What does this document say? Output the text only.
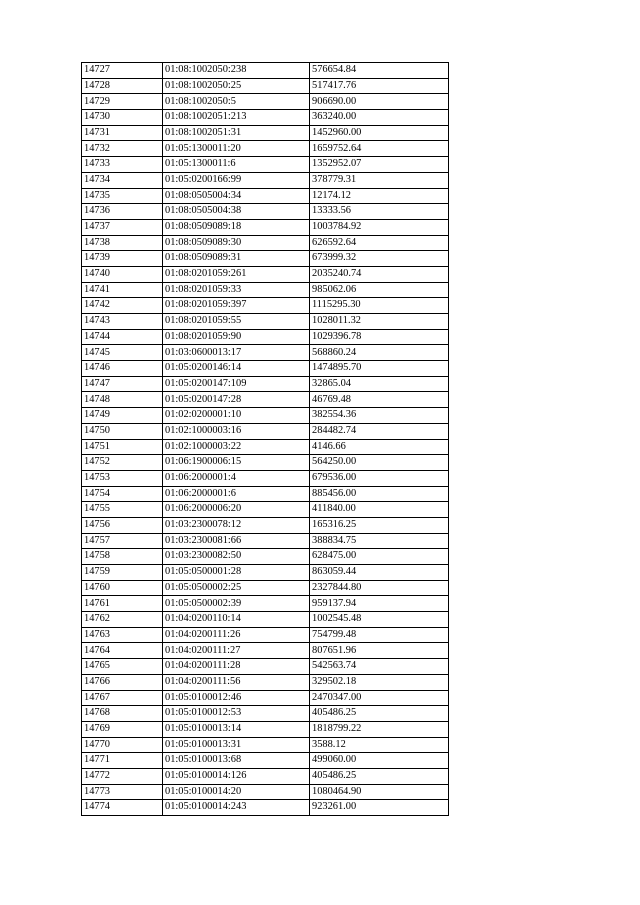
14727	01:08:1002050:238	576654.84
14728	01:08:1002050:25	517417.76
14729	01:08:1002050:5	906690.00
14730	01:08:1002051:213	363240.00
14731	01:08:1002051:31	1452960.00
14732	01:05:1300011:20	1659752.64
14733	01:05:1300011:6	1352952.07
14734	01:05:0200166:99	378779.31
14735	01:08:0505004:34	12174.12
14736	01:08:0505004:38	13333.56
14737	01:08:0509089:18	1003784.92
14738	01:08:0509089:30	626592.64
14739	01:08:0509089:31	673999.32
14740	01:08:0201059:261	2035240.74
14741	01:08:0201059:33	985062.06
14742	01:08:0201059:397	1115295.30
14743	01:08:0201059:55	1028011.32
14744	01:08:0201059:90	1029396.78
14745	01:03:0600013:17	568860.24
14746	01:05:0200146:14	1474895.70
14747	01:05:0200147:109	32865.04
14748	01:05:0200147:28	46769.48
14749	01:02:0200001:10	382554.36
14750	01:02:1000003:16	284482.74
14751	01:02:1000003:22	4146.66
14752	01:06:1900006:15	564250.00
14753	01:06:2000001:4	679536.00
14754	01:06:2000001:6	885456.00
14755	01:06:2000006:20	411840.00
14756	01:03:2300078:12	165316.25
14757	01:03:2300081:66	388834.75
14758	01:03:2300082:50	628475.00
14759	01:05:0500001:28	863059.44
14760	01:05:0500002:25	2327844.80
14761	01:05:0500002:39	959137.94
14762	01:04:0200110:14	1002545.48
14763	01:04:0200111:26	754799.48
14764	01:04:0200111:27	807651.96
14765	01:04:0200111:28	542563.74
14766	01:04:0200111:56	329502.18
14767	01:05:0100012:46	2470347.00
14768	01:05:0100012:53	405486.25
14769	01:05:0100013:14	1818799.22
14770	01:05:0100013:31	3588.12
14771	01:05:0100013:68	499060.00
14772	01:05:0100014:126	405486.25
14773	01:05:0100014:20	1080464.90
14774	01:05:0100014:243	923261.00
